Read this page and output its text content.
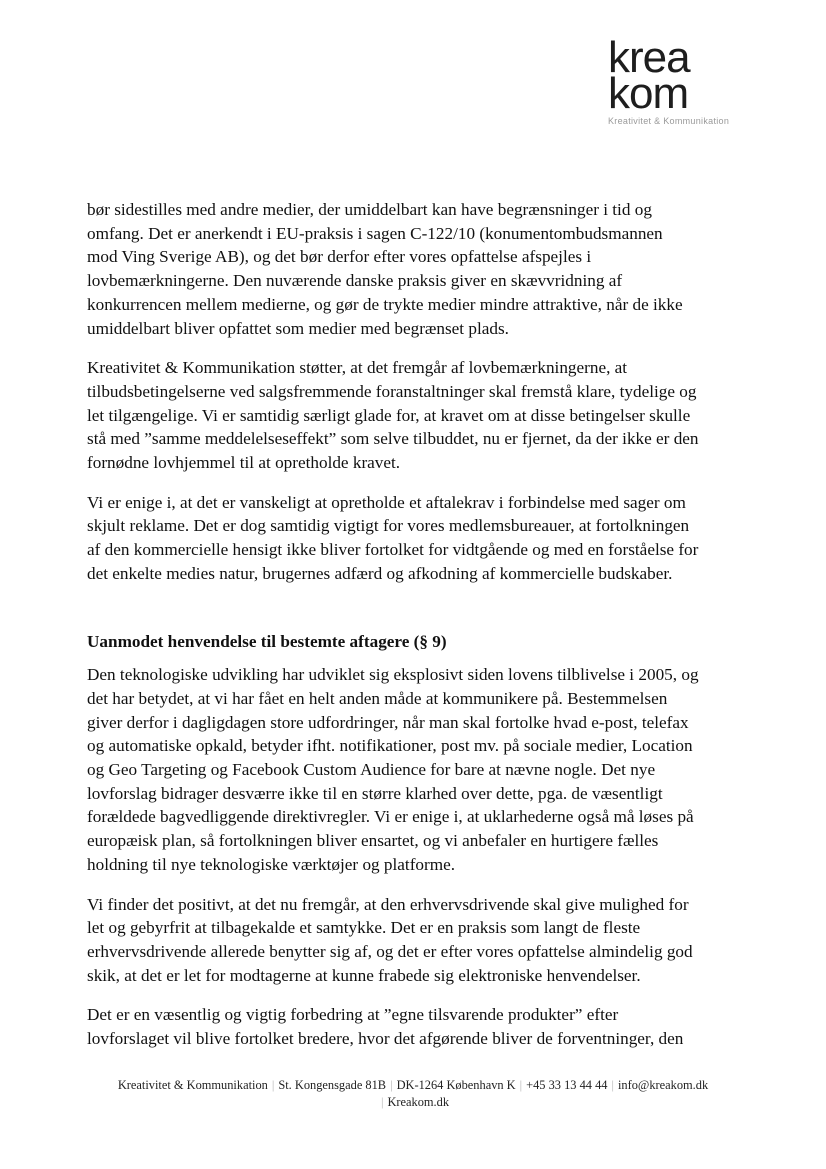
krea
kom
Kreativitet & Kommunikation

bør sidestilles med andre medier, der umiddelbart kan have begrænsninger i tid og
omfang. Det er anerkendt i EU-praksis i sagen C-122/10 (konumentombudsmannen
mod Ving Sverige AB), og det bør derfor efter vores opfattelse afspejles i
lovbemærkningerne. Den nuværende danske praksis giver en skævvridning af
konkurrencen mellem medierne, og gør de trykte medier mindre attraktive, når de ikke
umiddelbart bliver opfattet som medier med begrænset plads.

Kreativitet & Kommunikation støtter, at det fremgår af lovbemærkningerne, at
tilbudsbetingelserne ved salgsfremmende foranstaltninger skal fremstå klare, tydelige og
let tilgængelige. Vi er samtidig særligt glade for, at kravet om at disse betingelser skulle
stå med ”samme meddelelseseffekt” som selve tilbuddet, nu er fjernet, da der ikke er den
fornødne lovhjemmel til at opretholde kravet.

Vi er enige i, at det er vanskeligt at opretholde et aftalekrav i forbindelse med sager om
skjult reklame. Det er dog samtidig vigtigt for vores medlemsbureauer, at fortolkningen
af den kommercielle hensigt ikke bliver fortolket for vidtgående og med en forståelse for
det enkelte medies natur, brugernes adfærd og afkodning af kommercielle budskaber.

Uanmodet henvendelse til bestemte aftagere (§ 9)

Den teknologiske udvikling har udviklet sig eksplosivt siden lovens tilblivelse i 2005, og
det har betydet, at vi har fået en helt anden måde at kommunikere på. Bestemmelsen
giver derfor i dagligdagen store udfordringer, når man skal fortolke hvad e-post, telefax
og automatiske opkald, betyder ifht. notifikationer, post mv. på sociale medier, Location
og Geo Targeting og Facebook Custom Audience for bare at nævne nogle. Det nye
lovforslag bidrager desværre ikke til en større klarhed over dette, pga. de væsentligt
forældede bagvedliggende direktivregler. Vi er enige i, at uklarhederne også må løses på
europæisk plan, så fortolkningen bliver ensartet, og vi anbefaler en hurtigere fælles
holdning til nye teknologiske værktøjer og platforme.

Vi finder det positivt, at det nu fremgår, at den erhvervsdrivende skal give mulighed for
let og gebyrfrit at tilbagekalde et samtykke. Det er en praksis som langt de fleste
erhvervsdrivende allerede benytter sig af, og det er efter vores opfattelse almindelig god
skik, at det er let for modtagerne at kunne frabede sig elektroniske henvendelser.

Det er en væsentlig og vigtig forbedring at ”egne tilsvarende produkter” efter
lovforslaget vil blive fortolket bredere, hvor det afgørende bliver de forventninger, den

Kreativitet & Kommunikation | St. Kongensgade 81B | DK-1264 København K | +45 33 13 44 44 | info@kreakom.dk
| Kreakom.dk
